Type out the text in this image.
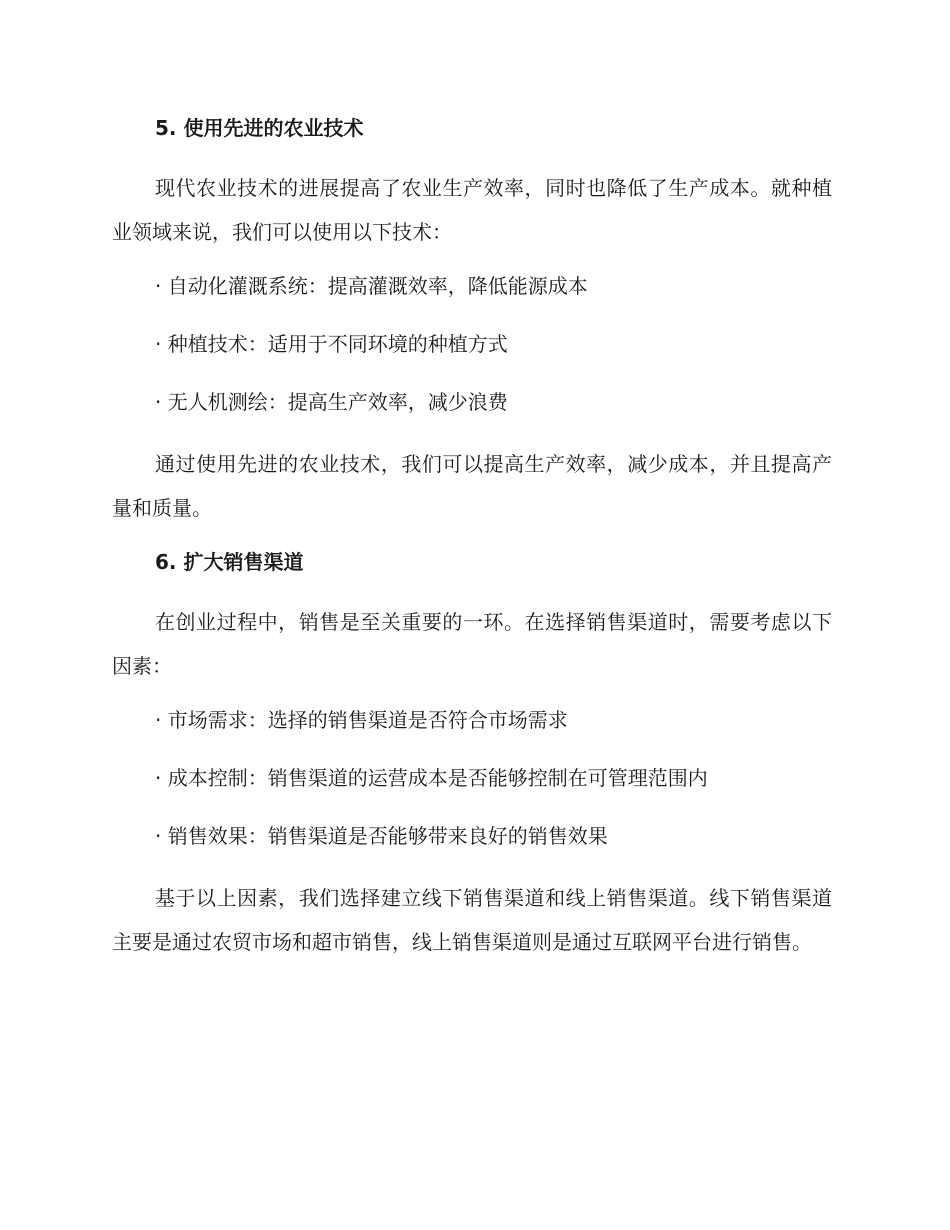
5. 使用先进的农业技术

现代农业技术的进展提高了农业生产效率，同时也降低了生产成本。就种植业领域来说，我们可以使用以下技术：

· 自动化灌溉系统：提高灌溉效率，降低能源成本
· 种植技术：适用于不同环境的种植方式
· 无人机测绘：提高生产效率，减少浪费

通过使用先进的农业技术，我们可以提高生产效率，减少成本，并且提高产量和质量。

6. 扩大销售渠道

在创业过程中，销售是至关重要的一环。在选择销售渠道时，需要考虑以下因素：

· 市场需求：选择的销售渠道是否符合市场需求
· 成本控制：销售渠道的运营成本是否能够控制在可管理范围内
· 销售效果：销售渠道是否能够带来良好的销售效果

基于以上因素，我们选择建立线下销售渠道和线上销售渠道。线下销售渠道主要是通过农贸市场和超市销售，线上销售渠道则是通过互联网平台进行销售。
